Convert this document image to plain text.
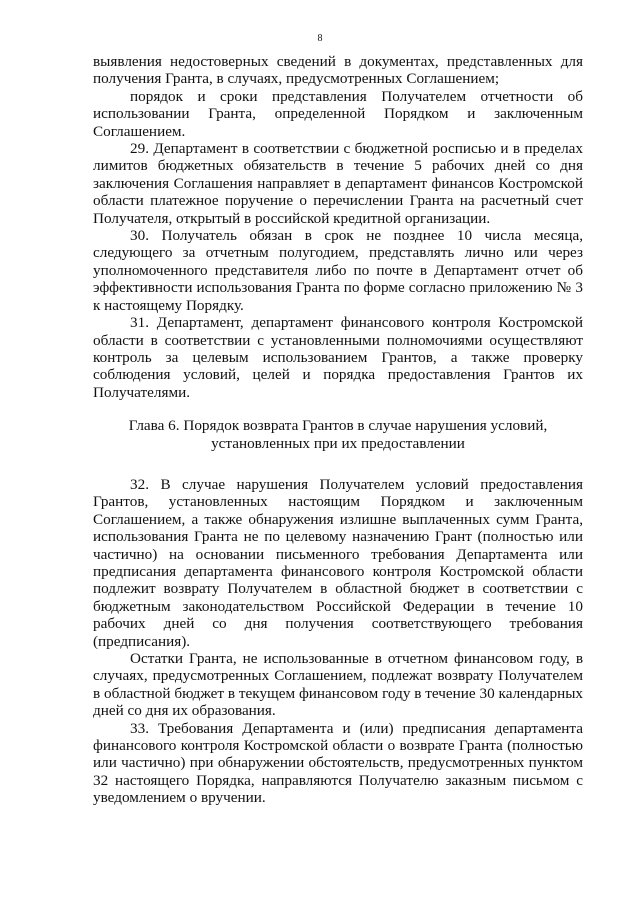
8

выявления недостоверных сведений в документах, представленных для получения Гранта, в случаях, предусмотренных Соглашением;

порядок и сроки представления Получателем отчетности об использовании Гранта, определенной Порядком и заключенным Соглашением.

29. Департамент в соответствии с бюджетной росписью и в пределах лимитов бюджетных обязательств в течение 5 рабочих дней со дня заключения Соглашения направляет в департамент финансов Костромской области платежное поручение о перечислении Гранта на расчетный счет Получателя, открытый в российской кредитной организации.

30. Получатель обязан в срок не позднее 10 числа месяца, следующего за отчетным полугодием, представлять лично или через уполномоченного представителя либо по почте в Департамент отчет об эффективности использования Гранта по форме согласно приложению № 3 к настоящему Порядку.

31. Департамент, департамент финансового контроля Костромской области в соответствии с установленными полномочиями осуществляют контроль за целевым использованием Грантов, а также проверку соблюдения условий, целей и порядка предоставления Грантов их Получателями.

Глава 6. Порядок возврата Грантов в случае нарушения условий,
установленных при их предоставлении

32. В случае нарушения Получателем условий предоставления Грантов, установленных настоящим Порядком и заключенным Соглашением, а также обнаружения излишне выплаченных сумм Гранта, использования Гранта не по целевому назначению Грант (полностью или частично) на основании письменного требования Департамента или предписания департамента финансового контроля Костромской области подлежит возврату Получателем в областной бюджет в соответствии с бюджетным законодательством Российской Федерации в течение 10 рабочих дней со дня получения соответствующего требования (предписания).

Остатки Гранта, не использованные в отчетном финансовом году, в случаях, предусмотренных Соглашением, подлежат возврату Получателем в областной бюджет в текущем финансовом году в течение 30 календарных дней со дня их образования.

33. Требования Департамента и (или) предписания департамента финансового контроля Костромской области о возврате Гранта (полностью или частично) при обнаружении обстоятельств, предусмотренных пунктом 32 настоящего Порядка, направляются Получателю заказным письмом с уведомлением о вручении.
